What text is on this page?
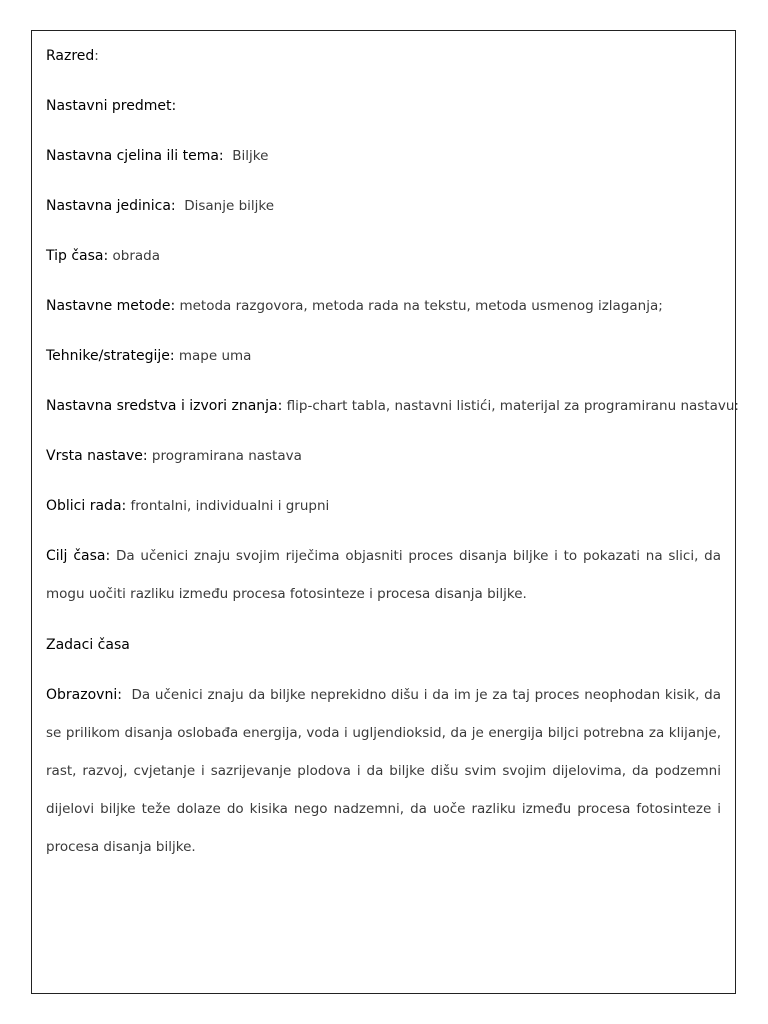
Razred:
Nastavni predmet:
Nastavna cjelina ili tema: Biljke
Nastavna jedinica: Disanje biljke
Tip časa: obrada
Nastavne metode: metoda razgovora, metoda rada na tekstu, metoda usmenog izlaganja;
Tehnike/strategije: mape uma
Nastavna sredstva i izvori znanja: flip-chart tabla, nastavni listići, materijal za programiranu nastavu:
Vrsta nastave: programirana nastava
Oblici rada: frontalni, individualni i grupni
Cilj časa: Da učenici znaju svojim riječima objasniti proces disanja biljke i to pokazati na slici, da
mogu uočiti razliku između procesa fotosinteze i procesa disanja biljke.
Zadaci časa
Obrazovni: Da učenici znaju da biljke neprekidno dišu i da im je za taj proces neophodan kisik, da
se prilikom disanja oslobađa energija, voda i ugljendioksid, da je energija biljci potrebna za klijanje,
rast, razvoj, cvjetanje i sazrijevanje plodova i da biljke dišu svim svojim dijelovima, da podzemni
dijelovi biljke teže dolaze do kisika nego nadzemni, da uoče razliku između procesa fotosinteze i
procesa disanja biljke.
